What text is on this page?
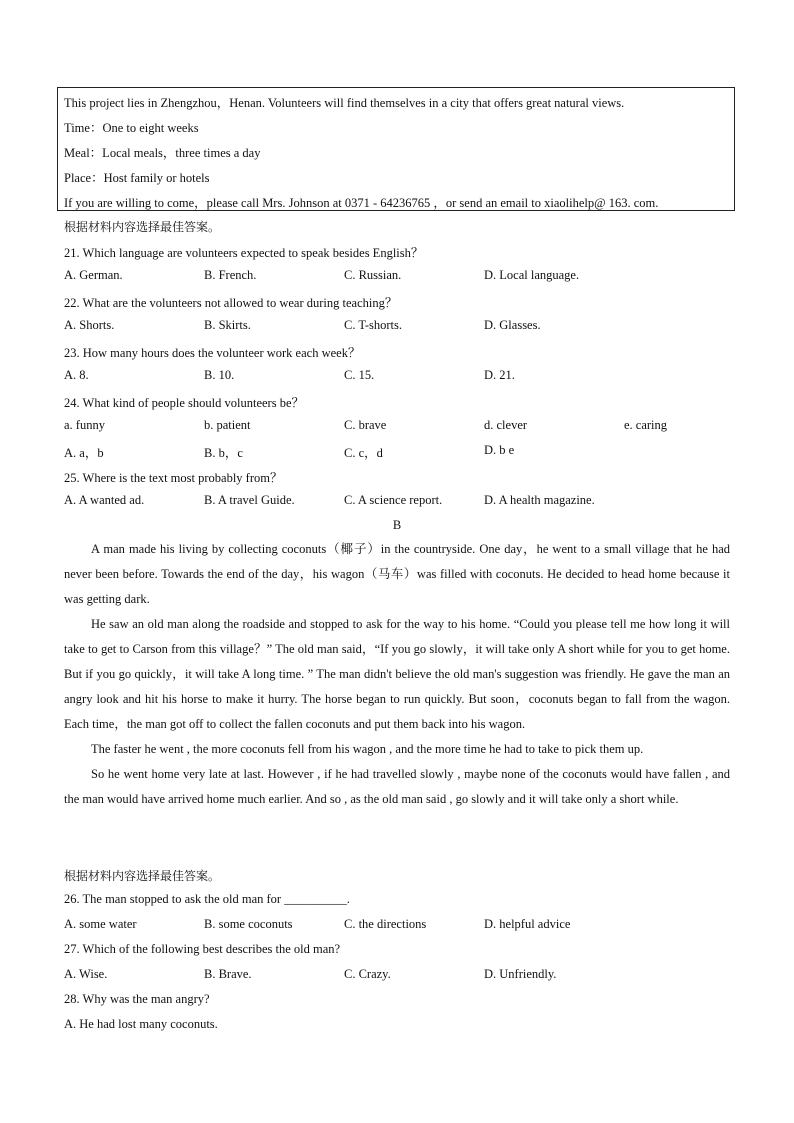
This project lies in Zhengzhou，Henan. Volunteers will find themselves in a city that offers great natural views.
Time：One to eight weeks
Meal：Local meals，three times a day
Place：Host family or hotels
If you are willing to come，please call Mrs. Johnson at 0371 - 64236765 ，or send an email to xiaolihelp@ 163. com.
根据材料内容选择最佳答案。
21. Which language are volunteers expected to speak besides English？
A. German.	B. French.	C. Russian.	D. Local language.
22. What are the volunteers not allowed to wear during teaching？
A. Shorts.	B. Skirts.	C. T-shorts.	D. Glasses.
23. How many hours does the volunteer work each week？
A. 8.	B. 10.	C. 15.	D. 21.
24. What kind of people should volunteers be？
a. funny	b. patient	C. brave	d. clever	e. caring
A. a，b	B. b，c	C. c，d	D. b e
25. Where is the text most probably from？
A. A wanted ad.	B. A travel Guide.	C. A science report.	D. A health magazine.
B

A man made his living by collecting coconuts（椰子）in the countryside. One day，he went to a small village that he had never been before. Towards the end of the day，his wagon（马车）was filled with coconuts. He decided to head home because it was getting dark.

He saw an old man along the roadside and stopped to ask for the way to his home. “Could you please tell me how long it will take to get to Carson from this village？” The old man said，“If you go slowly，it will take only A short while for you to get home. But if you go quickly，it will take A long time. ” The man didn't believe the old man's suggestion was friendly. He gave the man an angry look and hit his horse to make it hurry. The horse began to run quickly. But soon，coconuts began to fall from the wagon. Each time，the man got off to collect the fallen coconuts and put them back into his wagon.

The faster he went , the more coconuts fell from his wagon , and the more time he had to take to pick them up.

So he went home very late at last. However , if he had travelled slowly , maybe none of the coconuts would have fallen , and the man would have arrived home much earlier. And so , as the old man said , go slowly and it will take only a short while.

根据材料内容选择最佳答案。
26. The man stopped to ask the old man for __________.
A. some water	B. some coconuts	C. the directions	D. helpful advice
27. Which of the following best describes the old man?
A. Wise.	B. Brave.	C. Crazy.	D. Unfriendly.
28. Why was the man angry?
A. He had lost many coconuts.
